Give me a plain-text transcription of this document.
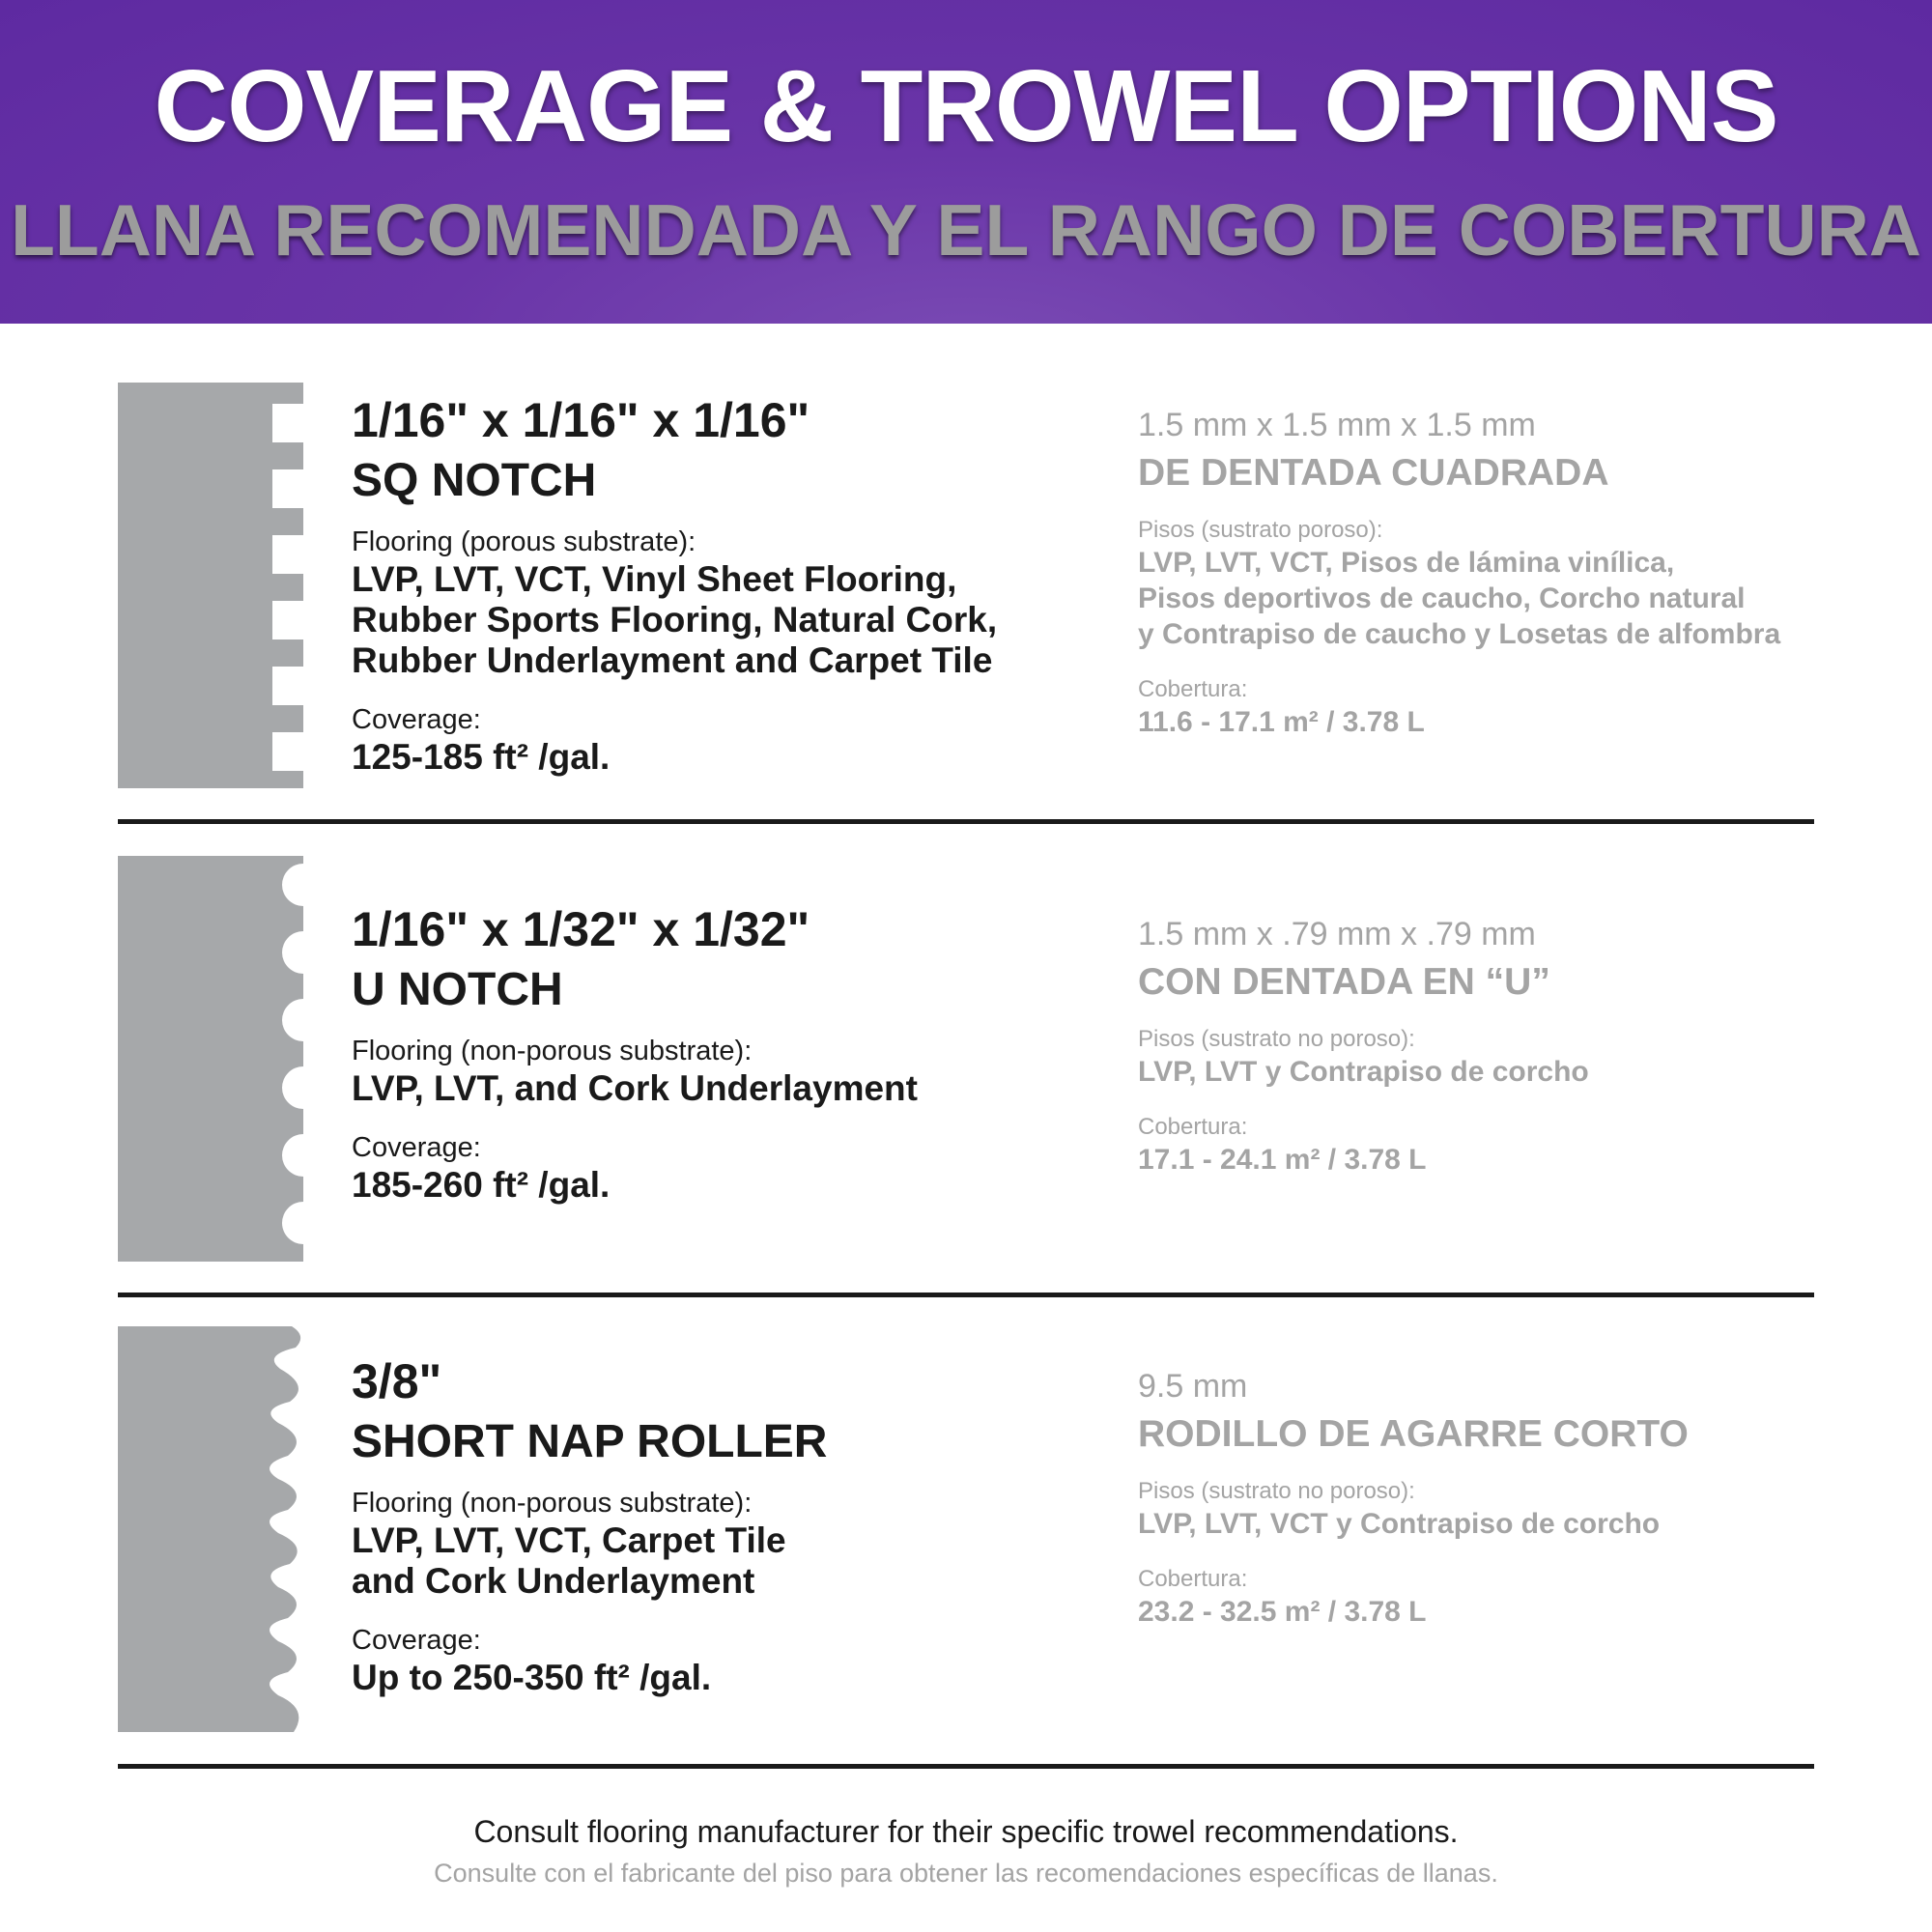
COVERAGE & TROWEL OPTIONS
LLANA RECOMENDADA Y EL RANGO DE COBERTURA
1/16" x 1/16" x 1/16"
SQ NOTCH
Flooring (porous substrate):
LVP, LVT, VCT, Vinyl Sheet Flooring,
Rubber Sports Flooring, Natural Cork,
Rubber Underlayment and Carpet Tile
Coverage:
125-185 ft² /gal.
1.5 mm x 1.5 mm x 1.5 mm
DE DENTADA CUADRADA
Pisos (sustrato poroso):
LVP, LVT, VCT, Pisos de lámina vinílica,
Pisos deportivos de caucho, Corcho natural
y Contrapiso de caucho y Losetas de alfombra
Cobertura:
11.6 - 17.1 m² / 3.78 L
1/16" x 1/32" x 1/32"
U NOTCH
Flooring (non-porous substrate):
LVP, LVT, and Cork Underlayment
Coverage:
185-260 ft² /gal.
1.5 mm x .79 mm x .79 mm
CON DENTADA EN “U”
Pisos (sustrato no poroso):
LVP, LVT y Contrapiso de corcho
Cobertura:
17.1 - 24.1 m² / 3.78 L
3/8"
SHORT NAP ROLLER
Flooring (non-porous substrate):
LVP, LVT, VCT, Carpet Tile
and Cork Underlayment
Coverage:
Up to 250-350 ft² /gal.
9.5 mm
RODILLO DE AGARRE CORTO
Pisos (sustrato no poroso):
LVP, LVT, VCT y Contrapiso de corcho
Cobertura:
23.2 - 32.5 m² / 3.78 L
Consult flooring manufacturer for their specific trowel recommendations.
Consulte con el fabricante del piso para obtener las recomendaciones específicas de llanas.
